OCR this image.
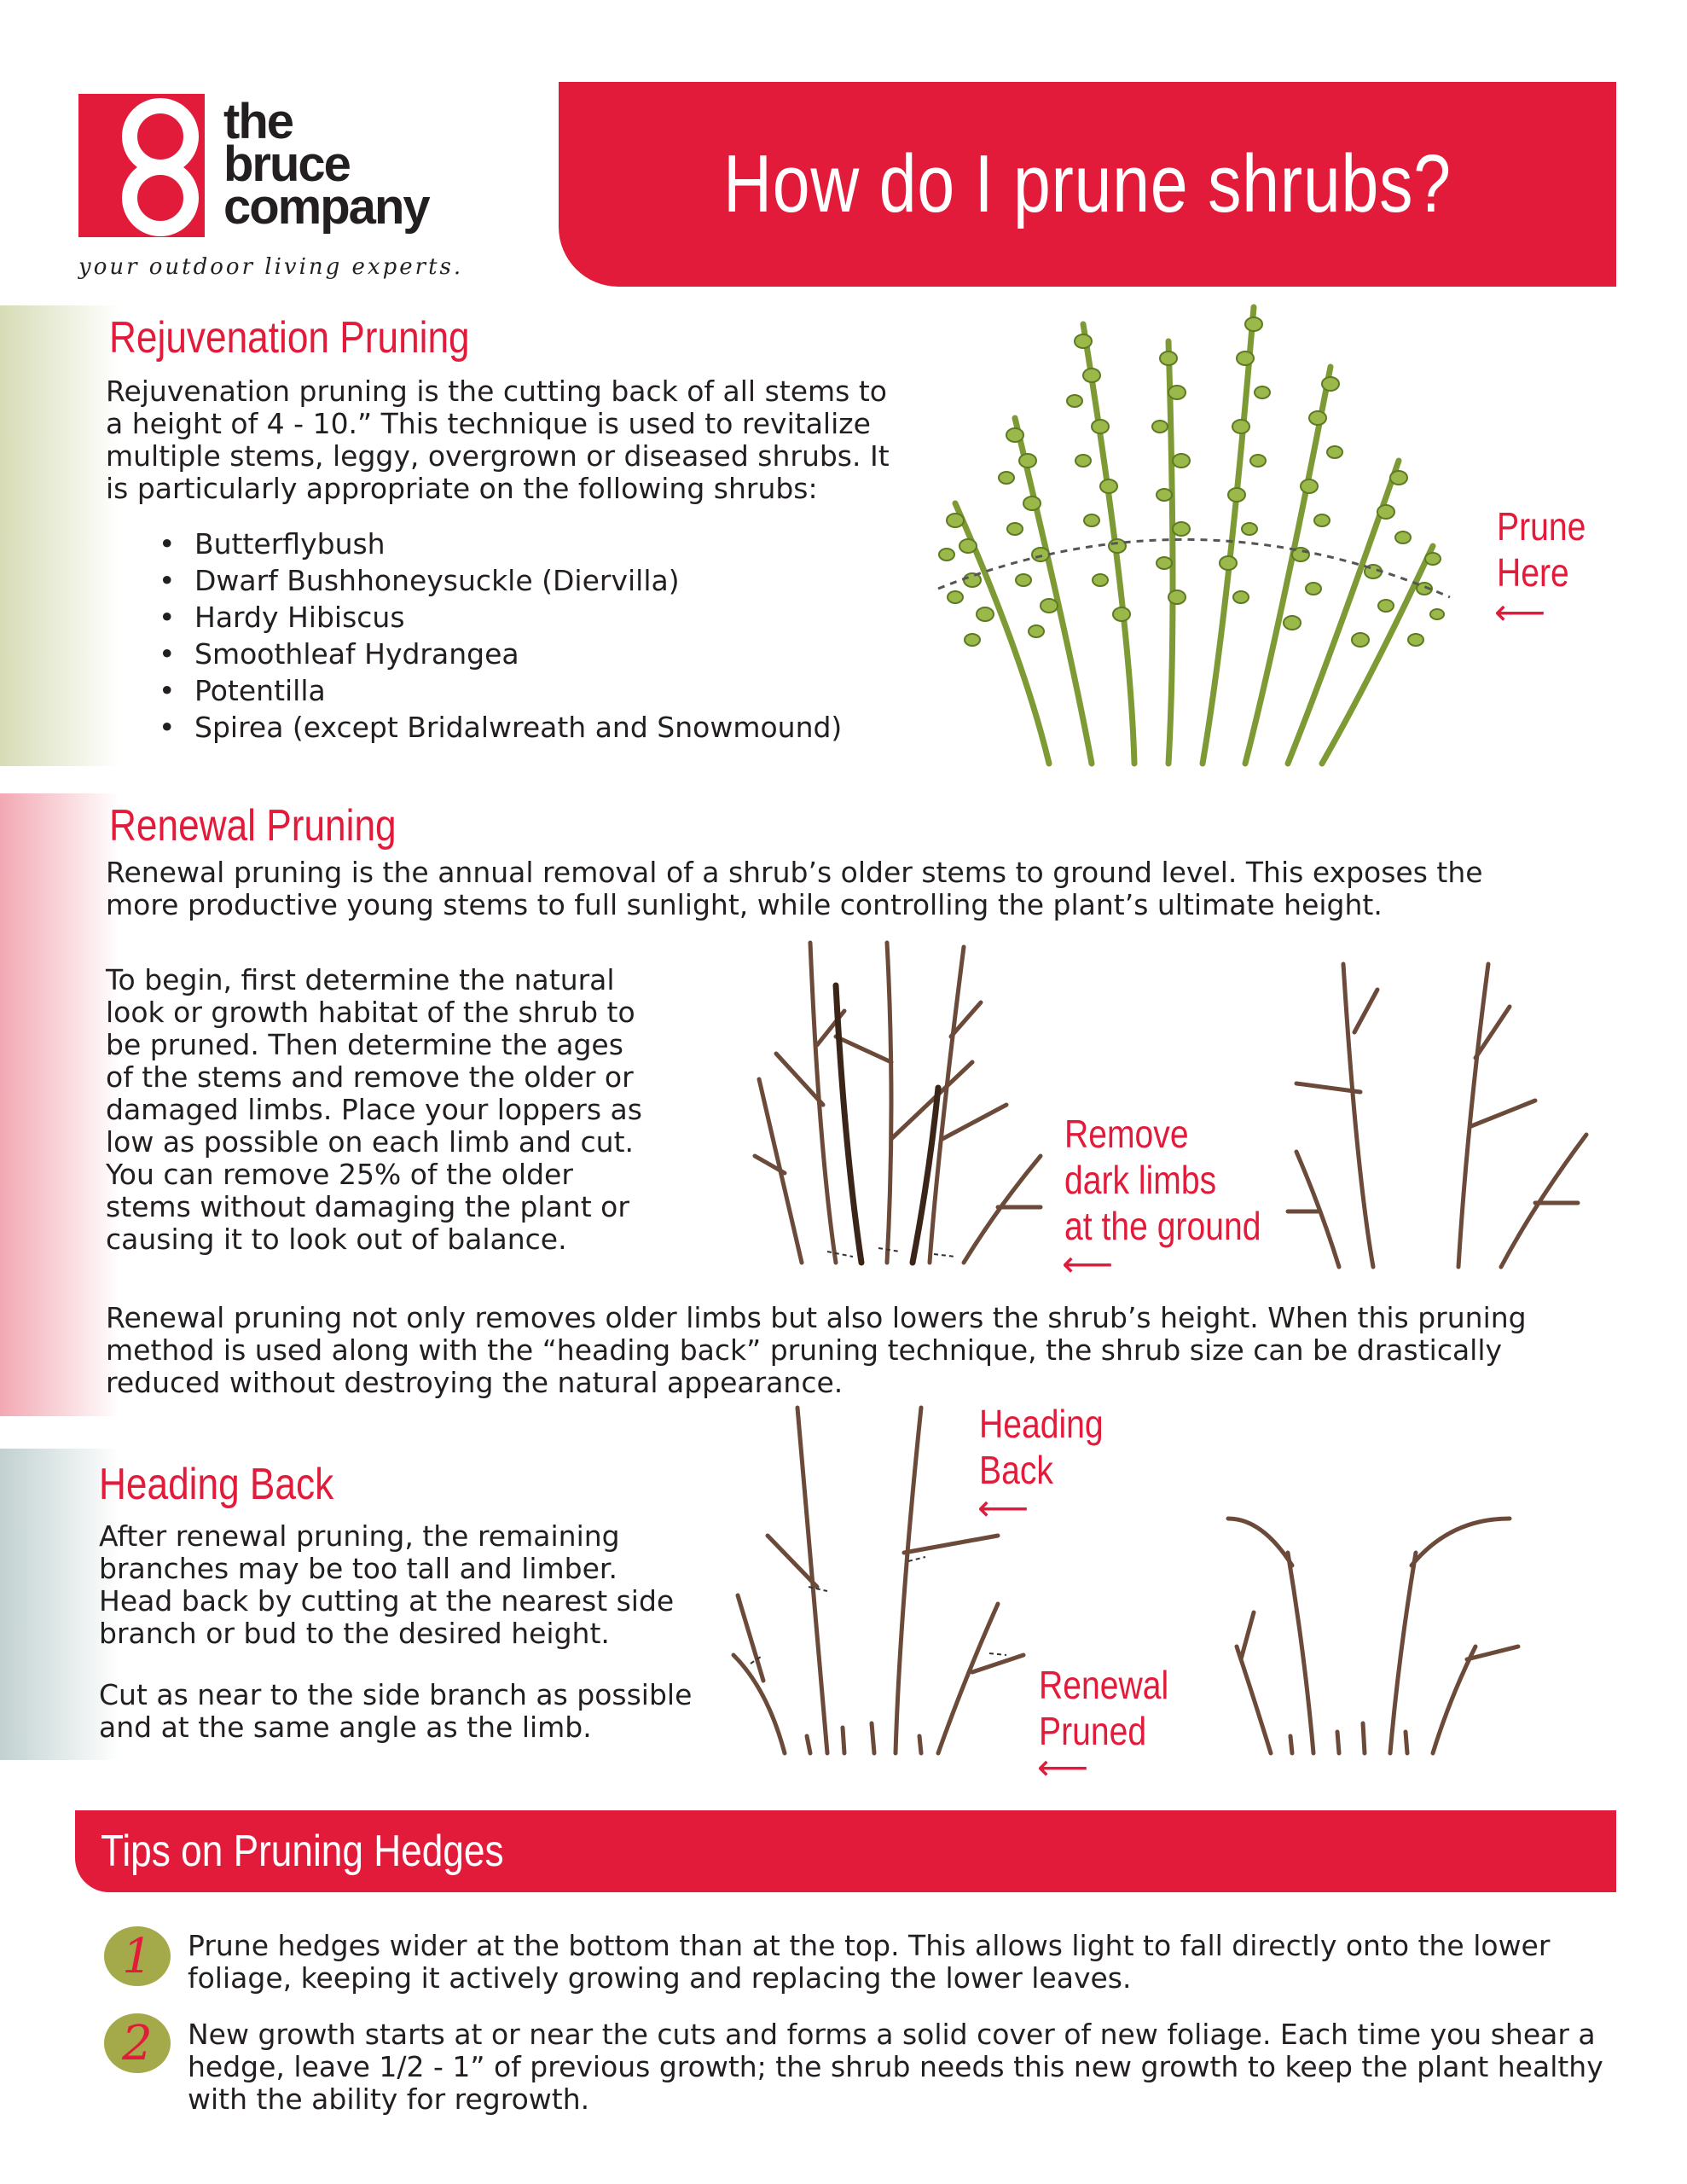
the
bruce
company
your outdoor living experts.
How do I prune shrubs?
Rejuvenation Pruning
Rejuvenation pruning is the cutting back of all stems to a height of 4 - 10.” This technique is used to revitalize multiple stems, leggy, overgrown or diseased shrubs. It is particularly appropriate on the following shrubs:
• Butterflybush
• Dwarf Bushhoneysuckle (Diervilla)
• Hardy Hibiscus
• Smoothleaf Hydrangea
• Potentilla
• Spirea (except Bridalwreath and Snowmound)
Prune
Here
⟵
Renewal Pruning
Renewal pruning is the annual removal of a shrub’s older stems to ground level. This exposes the more productive young stems to full sunlight, while controlling the plant’s ultimate height.
To begin, first determine the natural look or growth habitat of the shrub to be pruned. Then determine the ages of the stems and remove the older or damaged limbs. Place your loppers as low as possible on each limb and cut. You can remove 25% of the older stems without damaging the plant or causing it to look out of balance.
Renewal pruning not only removes older limbs but also lowers the shrub’s height. When this pruning method is used along with the “heading back” pruning technique, the shrub size can be drastically reduced without destroying the natural appearance.
Remove
dark limbs
at the ground
⟵
Heading Back
After renewal pruning, the remaining branches may be too tall and limber. Head back by cutting at the nearest side branch or bud to the desired height.
Cut as near to the side branch as possible and at the same angle as the limb.
Heading
Back
⟵
Renewal
Pruned
⟵
Tips on Pruning Hedges
1	Prune hedges wider at the bottom than at the top. This allows light to fall directly onto the lower foliage, keeping it actively growing and replacing the lower leaves.
2	New growth starts at or near the cuts and forms a solid cover of new foliage. Each time you shear a hedge, leave 1/2 - 1” of previous growth; the shrub needs this new growth to keep the plant healthy with the ability for regrowth.
